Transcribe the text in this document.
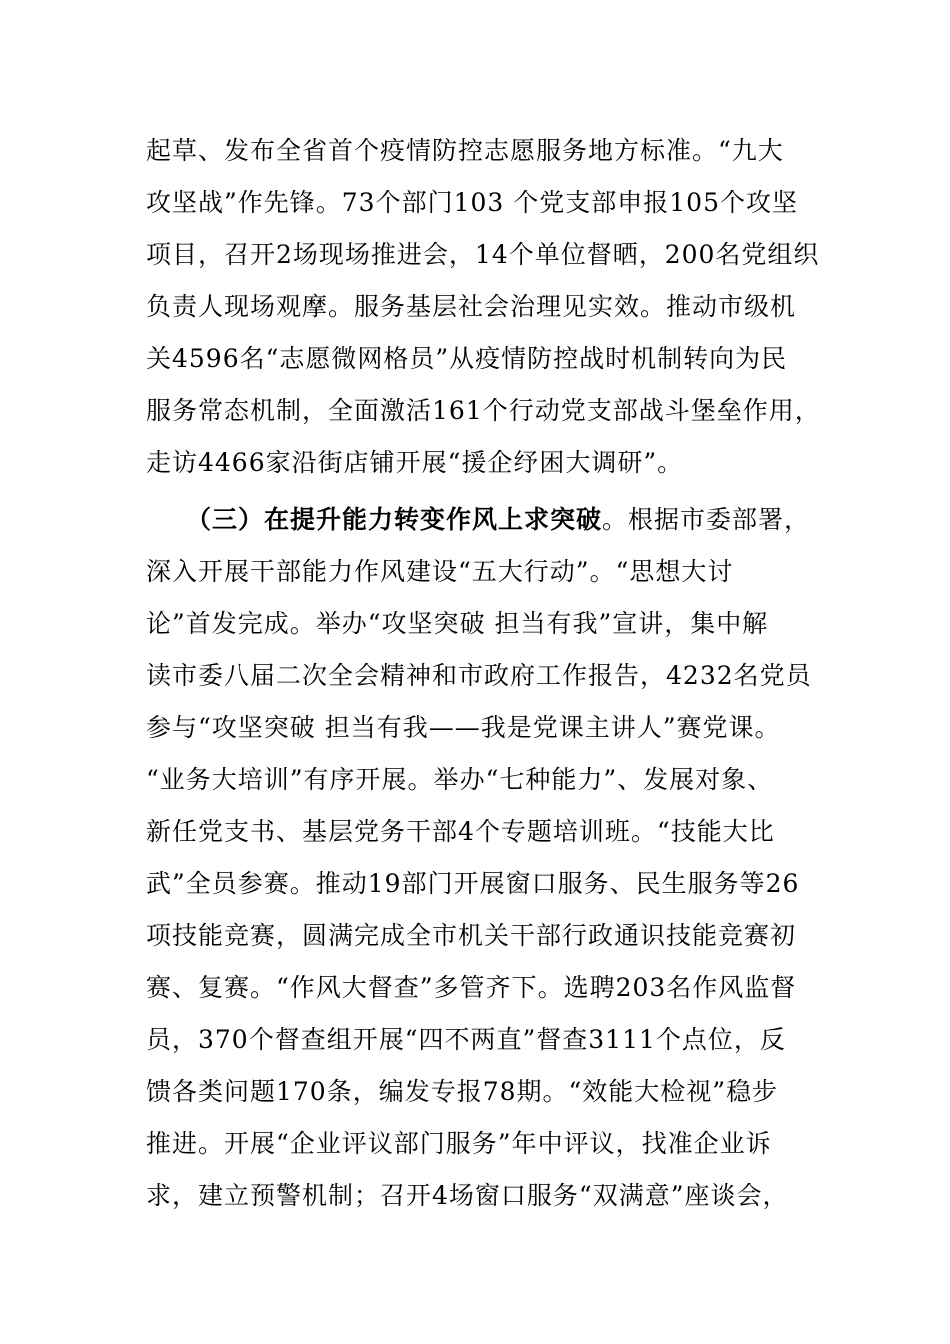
起草、发布全省首个疫情防控志愿服务地方标准。“九大
攻坚战”作先锋。73个部门103 个党支部申报105个攻坚
项目，召开2场现场推进会，14个单位督晒，200名党组织
负责人现场观摩。服务基层社会治理见实效。推动市级机
关4596名“志愿微网格员”从疫情防控战时机制转向为民
服务常态机制，全面激活161个行动党支部战斗堡垒作用，
走访4466家沿街店铺开展“援企纾困大调研”。
（三）在提升能力转变作风上求突破。根据市委部署，
深入开展干部能力作风建设“五大行动”。“思想大讨
论”首发完成。举办“攻坚突破 担当有我”宣讲，集中解
读市委八届二次全会精神和市政府工作报告，4232名党员
参与“攻坚突破 担当有我——我是党课主讲人”赛党课。
“业务大培训”有序开展。举办“七种能力”、发展对象、
新任党支书、基层党务干部4个专题培训班。“技能大比
武”全员参赛。推动19部门开展窗口服务、民生服务等26
项技能竞赛，圆满完成全市机关干部行政通识技能竞赛初
赛、复赛。“作风大督查”多管齐下。选聘203名作风监督
员，370个督查组开展“四不两直”督查3111个点位，反
馈各类问题170条，编发专报78期。“效能大检视”稳步
推进。开展“企业评议部门服务”年中评议，找准企业诉
求，建立预警机制；召开4场窗口服务“双满意”座谈会，
